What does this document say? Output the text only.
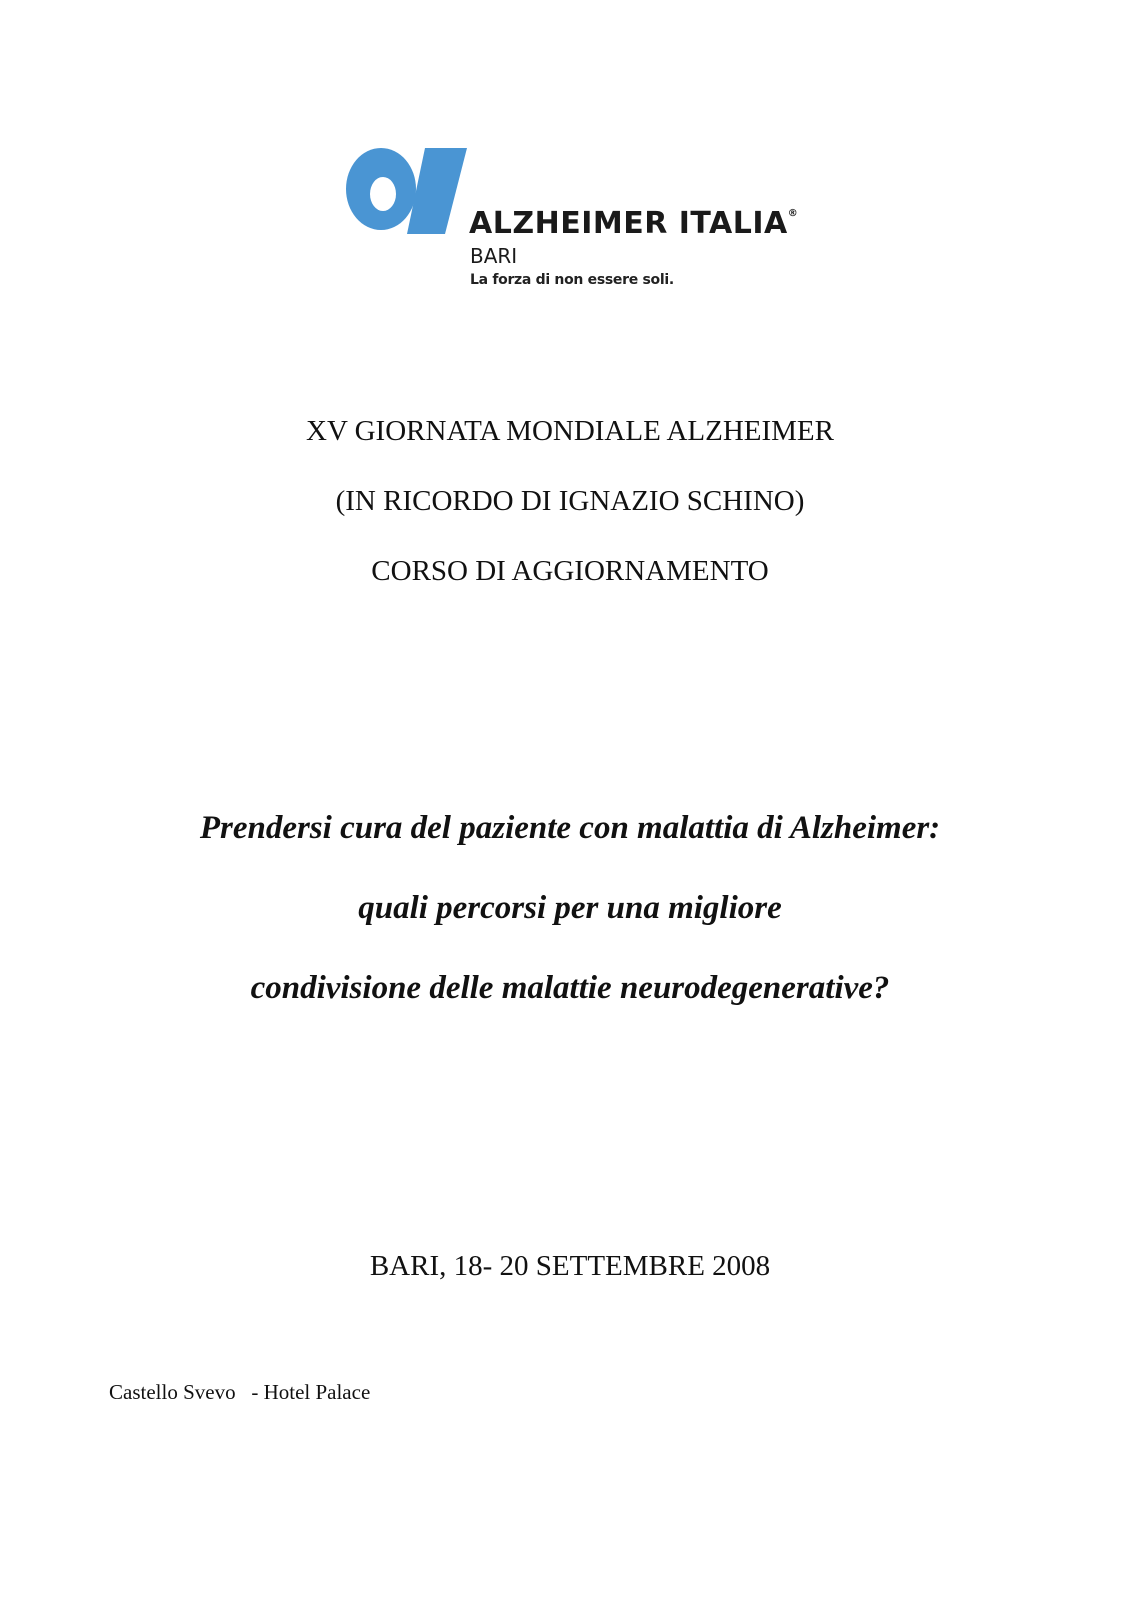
ALZHEIMER ITALIA®
BARI
La forza di non essere soli.
XV GIORNATA MONDIALE ALZHEIMER
(IN RICORDO DI IGNAZIO SCHINO)
CORSO DI AGGIORNAMENTO
Prendersi cura del paziente con malattia di Alzheimer:
quali percorsi per una migliore
condivisione delle malattie neurodegenerative?
BARI, 18- 20 SETTEMBRE 2008
Castello Svevo   - Hotel Palace
